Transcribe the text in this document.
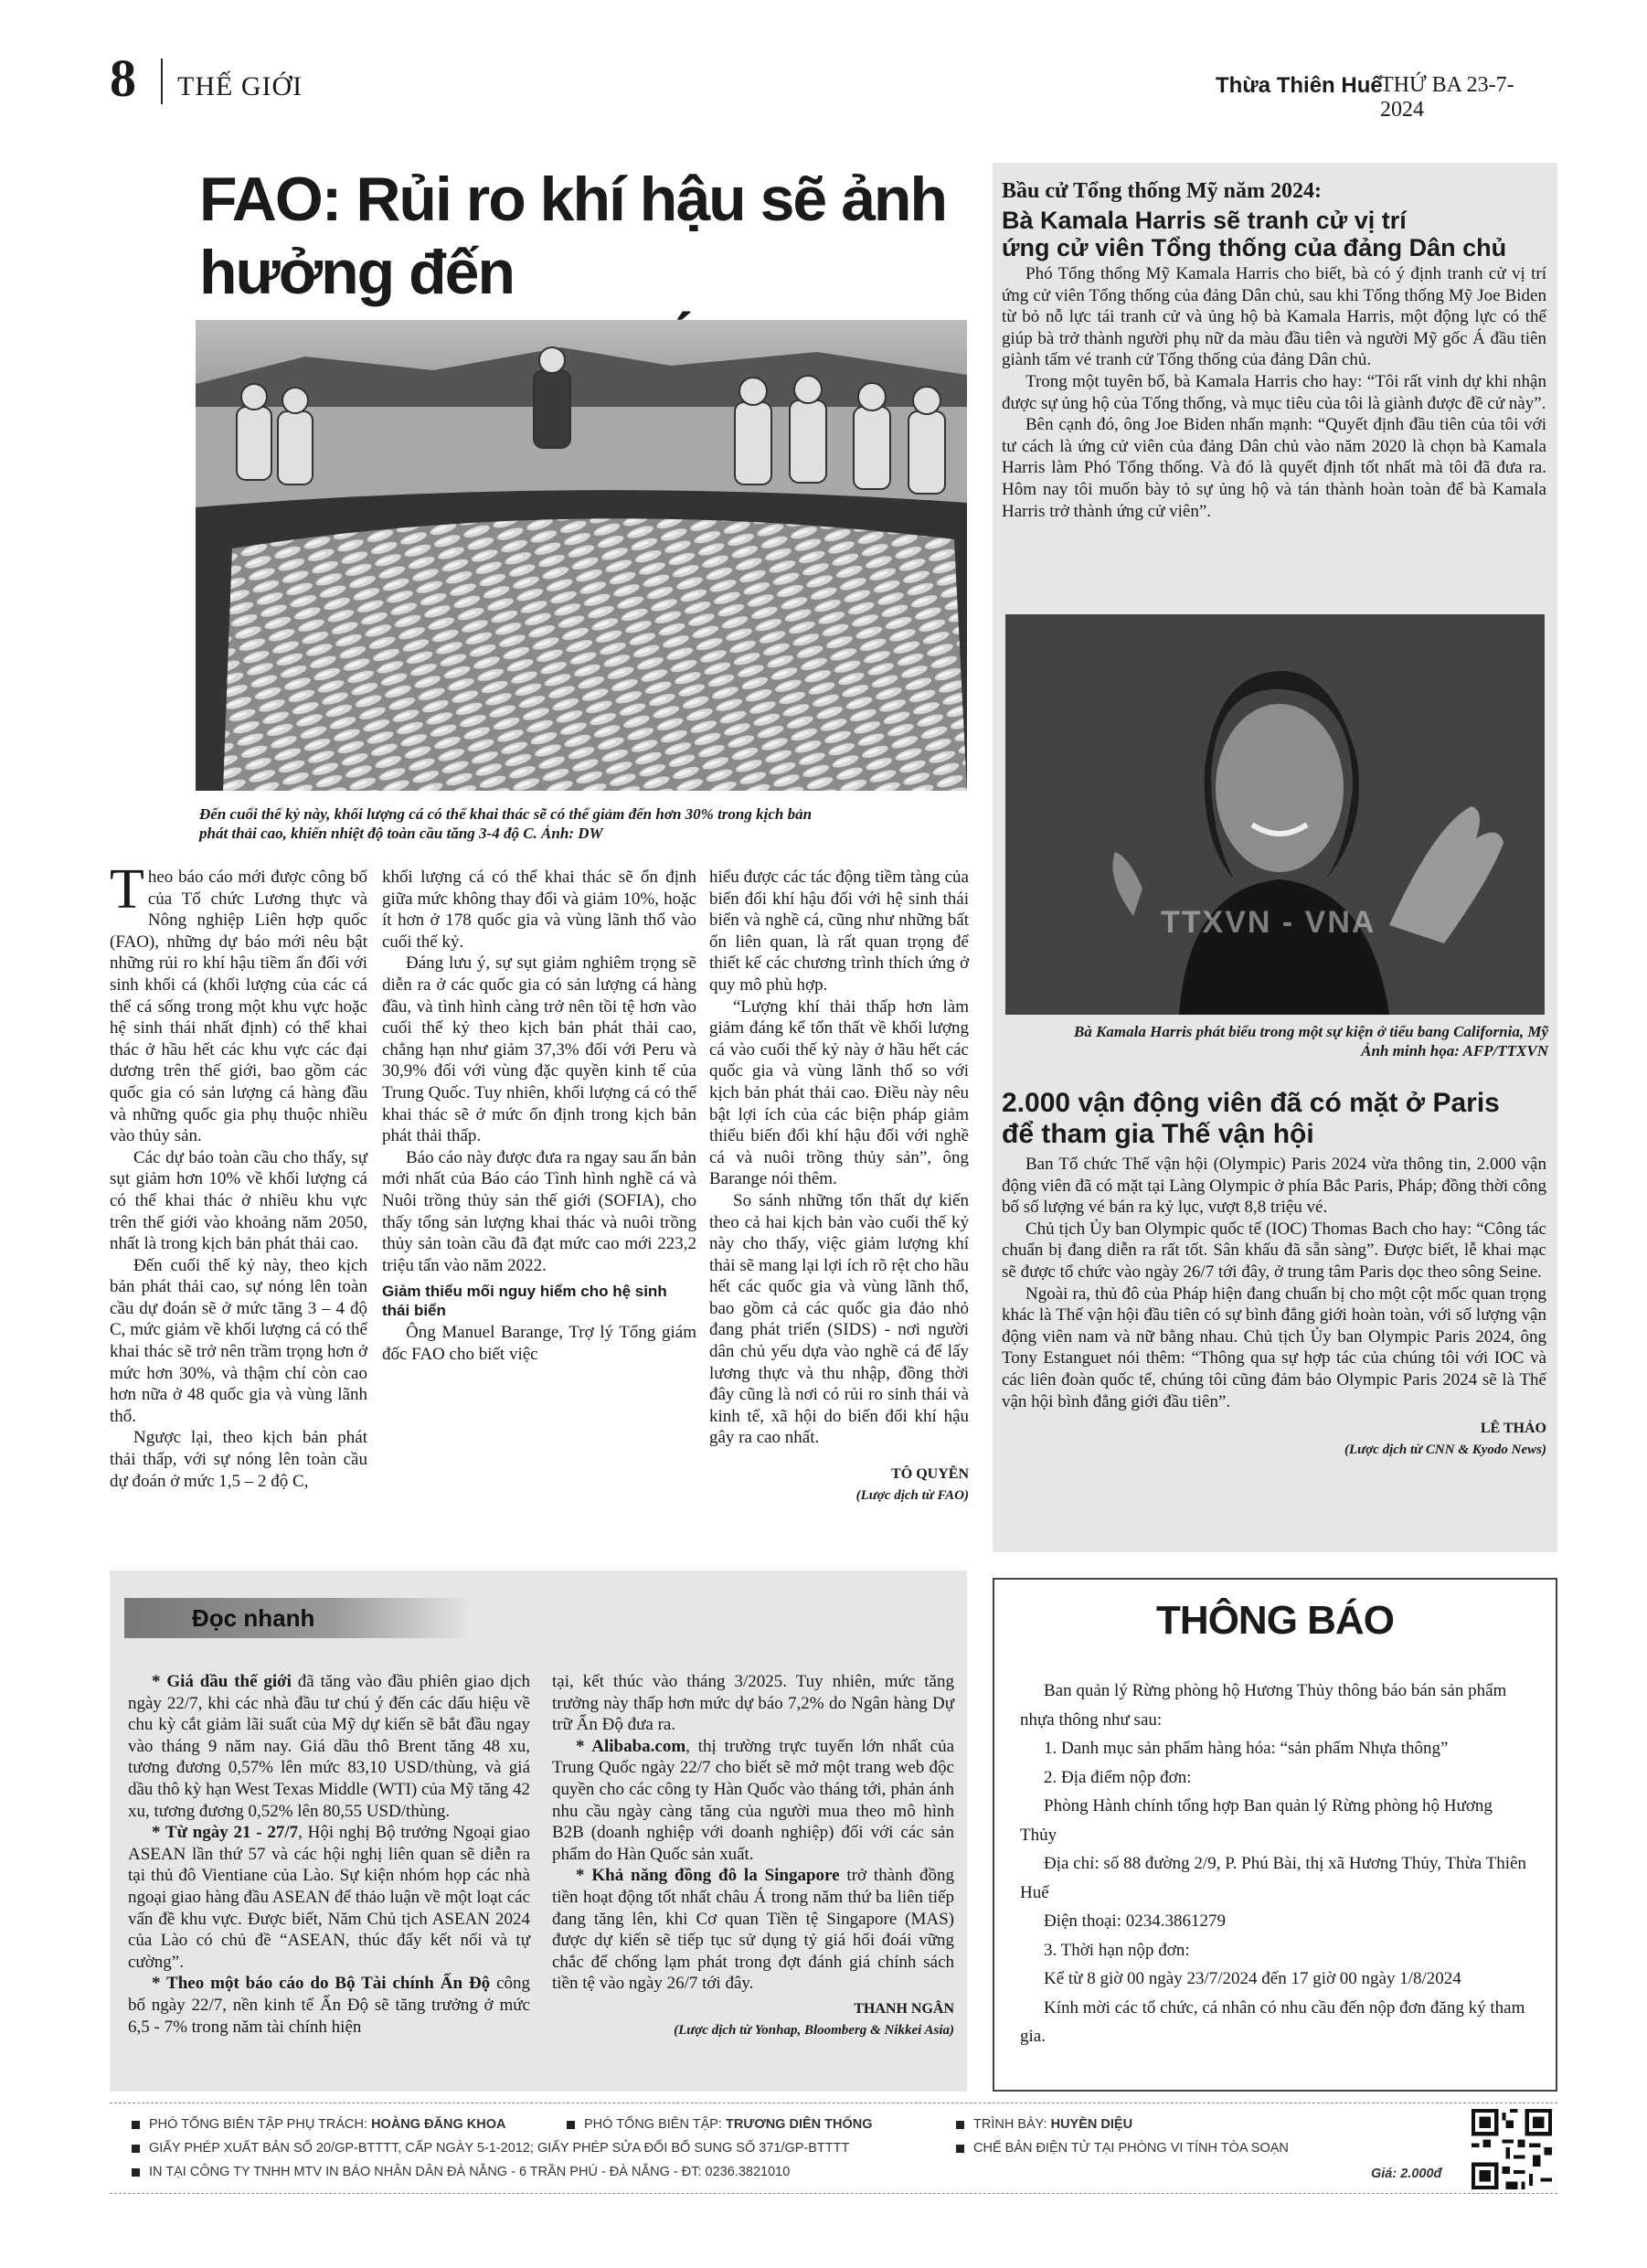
8 THẾ GIỚI	Thừa Thiên Huế
THỨ BA 23-7-2024
FAO: Rủi ro khí hậu sẽ ảnh hưởng đến
Đến cuối thế kỷ này, khối lượng cá có thể khai thác sẽ có thể giảm đến hơn 30% trong kịch bản
phát thải cao, khiến nhiệt độ toàn cầu tăng 3-4 độ C. Ảnh: DW

Theo báo cáo mới được công bố của Tổ chức Lương thực và Nông nghiệp Liên hợp quốc (FAO), những dự báo mới nêu bật những rủi ro khí hậu tiềm ẩn đối với sinh khối cá (khối lượng của các cá thể cá sống trong một khu vực hoặc hệ sinh thái nhất định) có thể khai thác ở hầu hết các khu vực các đại dương trên thế giới, bao gồm các quốc gia có sản lượng cá hàng đầu và những quốc gia phụ thuộc nhiều vào thủy sản.

Các dự báo toàn cầu cho thấy, sự sụt giảm hơn 10% về khối lượng cá có thể khai thác ở nhiều khu vực trên thế giới vào khoảng năm 2050, nhất là trong kịch bản phát thải cao.

Đến cuối thế kỷ này, theo kịch bản phát thải cao, sự nóng lên toàn cầu dự đoán sẽ ở mức tăng 3 – 4 độ C, mức giảm về khối lượng cá có thể khai thác sẽ trở nên trầm trọng hơn ở mức hơn 30%, và thậm chí còn cao hơn nữa ở 48 quốc gia và vùng lãnh thổ.

Ngược lại, theo kịch bản phát thải thấp, với sự nóng lên toàn cầu dự đoán ở mức 1,5 – 2 độ C,

khối lượng cá có thể khai thác sẽ ổn định giữa mức không thay đổi và giảm 10%, hoặc ít hơn ở 178 quốc gia và vùng lãnh thổ vào cuối thế kỷ.

Đáng lưu ý, sự sụt giảm nghiêm trọng sẽ diễn ra ở các quốc gia có sản lượng cá hàng đầu, và tình hình càng trở nên tồi tệ hơn vào cuối thế kỷ theo kịch bản phát thải cao, chẳng hạn như giảm 37,3% đối với Peru và 30,9% đối với vùng đặc quyền kinh tế của Trung Quốc. Tuy nhiên, khối lượng cá có thể khai thác sẽ ở mức ổn định trong kịch bản phát thải thấp.

Báo cáo này được đưa ra ngay sau ấn bản mới nhất của Báo cáo Tình hình nghề cá và Nuôi trồng thủy sản thế giới (SOFIA), cho thấy tổng sản lượng khai thác và nuôi trồng thủy sản toàn cầu đã đạt mức cao mới 223,2 triệu tấn vào năm 2022.

Giảm thiểu mối nguy hiểm cho hệ sinh thái biển

Ông Manuel Barange, Trợ lý Tổng giám đốc FAO cho biết việc

hiểu được các tác động tiềm tàng của biến đổi khí hậu đối với hệ sinh thái biển và nghề cá, cũng như những bất ổn liên quan, là rất quan trọng để thiết kế các chương trình thích ứng ở quy mô phù hợp.

“Lượng khí thải thấp hơn làm giảm đáng kể tổn thất về khối lượng cá vào cuối thế kỷ này ở hầu hết các quốc gia và vùng lãnh thổ so với kịch bản phát thải cao. Điều này nêu bật lợi ích của các biện pháp giảm thiểu biến đổi khí hậu đối với nghề cá và nuôi trồng thủy sản”, ông Barange nói thêm.

So sánh những tổn thất dự kiến theo cả hai kịch bản vào cuối thế kỷ này cho thấy, việc giảm lượng khí thải sẽ mang lại lợi ích rõ rệt cho hầu hết các quốc gia và vùng lãnh thổ, bao gồm cả các quốc gia đảo nhỏ đang phát triển (SIDS) - nơi người dân chủ yếu dựa vào nghề cá để lấy lương thực và thu nhập, đồng thời đây cũng là nơi có rủi ro sinh thái và kinh tế, xã hội do biến đổi khí hậu gây ra cao nhất.

TÔ QUYÊN
(Lược dịch từ FAO)
Bầu cử Tổng thống Mỹ năm 2024:
Bà Kamala Harris sẽ tranh cử vị trí
ứng cử viên Tổng thống của đảng Dân chủ

Phó Tổng thống Mỹ Kamala Harris cho biết, bà có ý định tranh cử vị trí ứng cử viên Tổng thống của đảng Dân chủ, sau khi Tổng thống Mỹ Joe Biden từ bỏ nỗ lực tái tranh cử và ủng hộ bà Kamala Harris, một động lực có thể giúp bà trở thành người phụ nữ da màu đầu tiên và người Mỹ gốc Á đầu tiên giành tấm vé tranh cử Tổng thống của đảng Dân chủ.

Trong một tuyên bố, bà Kamala Harris cho hay: “Tôi rất vinh dự khi nhận được sự ủng hộ của Tổng thống, và mục tiêu của tôi là giành được đề cử này”.

Bên cạnh đó, ông Joe Biden nhấn mạnh: “Quyết định đầu tiên của tôi với tư cách là ứng cử viên của đảng Dân chủ vào năm 2020 là chọn bà Kamala Harris làm Phó Tổng thống. Và đó là quyết định tốt nhất mà tôi đã đưa ra. Hôm nay tôi muốn bày tỏ sự ủng hộ và tán thành hoàn toàn để bà Kamala Harris trở thành ứng cử viên”.

TTXVN - VNA
Bà Kamala Harris phát biểu trong một sự kiện ở tiểu bang California, Mỹ
Ảnh minh họa: AFP/TTXVN
2.000 vận động viên đã có mặt ở Paris
để tham gia Thế vận hội

Ban Tổ chức Thế vận hội (Olympic) Paris 2024 vừa thông tin, 2.000 vận động viên đã có mặt tại Làng Olympic ở phía Bắc Paris, Pháp; đồng thời công bố số lượng vé bán ra kỷ lục, vượt 8,8 triệu vé.

Chủ tịch Ủy ban Olympic quốc tế (IOC) Thomas Bach cho hay: “Công tác chuẩn bị đang diễn ra rất tốt. Sân khấu đã sẵn sàng”. Được biết, lễ khai mạc sẽ được tổ chức vào ngày 26/7 tới đây, ở trung tâm Paris dọc theo sông Seine.

Ngoài ra, thủ đô của Pháp hiện đang chuẩn bị cho một cột mốc quan trọng khác là Thế vận hội đầu tiên có sự bình đẳng giới hoàn toàn, với số lượng vận động viên nam và nữ bằng nhau. Chủ tịch Ủy ban Olympic Paris 2024, ông Tony Estanguet nói thêm: “Thông qua sự hợp tác của chúng tôi với IOC và các liên đoàn quốc tế, chúng tôi cũng đảm bảo Olympic Paris 2024 sẽ là Thế vận hội bình đẳng giới đầu tiên”.

LÊ THẢO
(Lược dịch từ CNN & Kyodo News)
Đọc nhanh

* Giá dầu thế giới đã tăng vào đầu phiên giao dịch ngày 22/7, khi các nhà đầu tư chú ý đến các dấu hiệu về chu kỳ cắt giảm lãi suất của Mỹ dự kiến sẽ bắt đầu ngay vào tháng 9 năm nay. Giá dầu thô Brent tăng 48 xu, tương đương 0,57% lên mức 83,10 USD/thùng, và giá dầu thô kỳ hạn West Texas Middle (WTI) của Mỹ tăng 42 xu, tương đương 0,52% lên 80,55 USD/thùng.

* Từ ngày 21 - 27/7, Hội nghị Bộ trưởng Ngoại giao ASEAN lần thứ 57 và các hội nghị liên quan sẽ diễn ra tại thủ đô Vientiane của Lào. Sự kiện nhóm họp các nhà ngoại giao hàng đầu ASEAN để thảo luận về một loạt các vấn đề khu vực. Được biết, Năm Chủ tịch ASEAN 2024 của Lào có chủ đề “ASEAN, thúc đẩy kết nối và tự cường”.

* Theo một báo cáo do Bộ Tài chính Ấn Độ công bố ngày 22/7, nền kinh tế Ấn Độ sẽ tăng trưởng ở mức 6,5 - 7% trong năm tài chính hiện

tại, kết thúc vào tháng 3/2025. Tuy nhiên, mức tăng trưởng này thấp hơn mức dự báo 7,2% do Ngân hàng Dự trữ Ấn Độ đưa ra.

* Alibaba.com, thị trường trực tuyến lớn nhất của Trung Quốc ngày 22/7 cho biết sẽ mở một trang web độc quyền cho các công ty Hàn Quốc vào tháng tới, phản ánh nhu cầu ngày càng tăng của người mua theo mô hình B2B (doanh nghiệp với doanh nghiệp) đối với các sản phẩm do Hàn Quốc sản xuất.

* Khả năng đồng đô la Singapore trở thành đồng tiền hoạt động tốt nhất châu Á trong năm thứ ba liên tiếp đang tăng lên, khi Cơ quan Tiền tệ Singapore (MAS) được dự kiến sẽ tiếp tục sử dụng tỷ giá hối đoái vững chắc để chống lạm phát trong đợt đánh giá chính sách tiền tệ vào ngày 26/7 tới đây.

THANH NGÂN
(Lược dịch từ Yonhap, Bloomberg & Nikkei Asia)
THÔNG BÁO

Ban quản lý Rừng phòng hộ Hương Thủy thông báo bán sản phẩm nhựa thông như sau:

1. Danh mục sản phẩm hàng hóa: “sản phẩm Nhựa thông”

2. Địa điểm nộp đơn:

Phòng Hành chính tổng hợp Ban quản lý Rừng phòng hộ Hương Thủy

Địa chỉ: số 88 đường 2/9, P. Phú Bài, thị xã Hương Thủy, Thừa Thiên Huế

Điện thoại: 0234.3861279

3. Thời hạn nộp đơn:

Kể từ 8 giờ 00 ngày 23/7/2024 đến 17 giờ 00 ngày 1/8/2024

Kính mời các tổ chức, cá nhân có nhu cầu đến nộp đơn đăng ký tham gia.

PHÓ TỔNG BIÊN TẬP PHỤ TRÁCH: HOÀNG ĐĂNG KHOA	PHÓ TỔNG BIÊN TẬP: TRƯƠNG DIÊN THỐNG	TRÌNH BÀY: HUYỀN DIỆU
GIẤY PHÉP XUẤT BẢN SỐ 20/GP-BTTTT, CẤP NGÀY 5-1-2012; GIẤY PHÉP SỬA ĐỔI BỔ SUNG SỐ 371/GP-BTTTT	CHẾ BẢN ĐIỆN TỬ TẠI PHÒNG VI TÍNH TÒA SOẠN
IN TẠI CÔNG TY TNHH MTV IN BÁO NHÂN DÂN ĐÀ NẴNG - 6 TRẦN PHÚ - ĐÀ NẴNG - ĐT: 0236.3821010	Giá: 2.000đ
